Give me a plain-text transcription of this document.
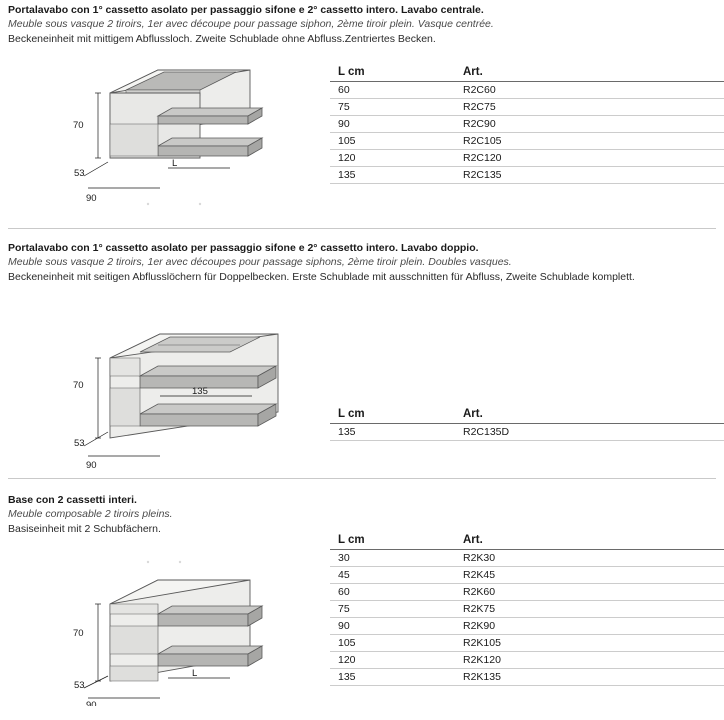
Portalavabo con 1° cassetto asolato per passaggio sifone e 2° cassetto intero. Lavabo centrale.
Meuble sous vasque 2 tiroirs, 1er avec découpe pour passage siphon, 2ème tiroir plein. Vasque centrée.
Beckeneinheit mit mittigem Abflussloch. Zweite Schublade ohne Abfluss.Zentriertes Becken.
70
53
90
L
L cm	Art.
60	R2C60
75	R2C75
90	R2C90
105	R2C105
120	R2C120
135	R2C135
Portalavabo con 1° cassetto asolato per passaggio sifone e 2° cassetto intero. Lavabo doppio.
Meuble sous vasque 2 tiroirs, 1er avec découpes pour passage siphons, 2ème tiroir plein. Doubles vasques.
Beckeneinheit mit seitigen Abflusslöchern für Doppelbecken. Erste Schublade mit ausschnitten für Abfluss, Zweite Schublade komplett.
70
53
90
135
L cm	Art.
135	R2C135D
Base con 2 cassetti interi.
Meuble composable 2 tiroirs pleins.
Basiseinheit mit 2 Schubfächern.
70
53
90
L
L cm	Art.
30	R2K30
45	R2K45
60	R2K60
75	R2K75
90	R2K90
105	R2K105
120	R2K120
135	R2K135
